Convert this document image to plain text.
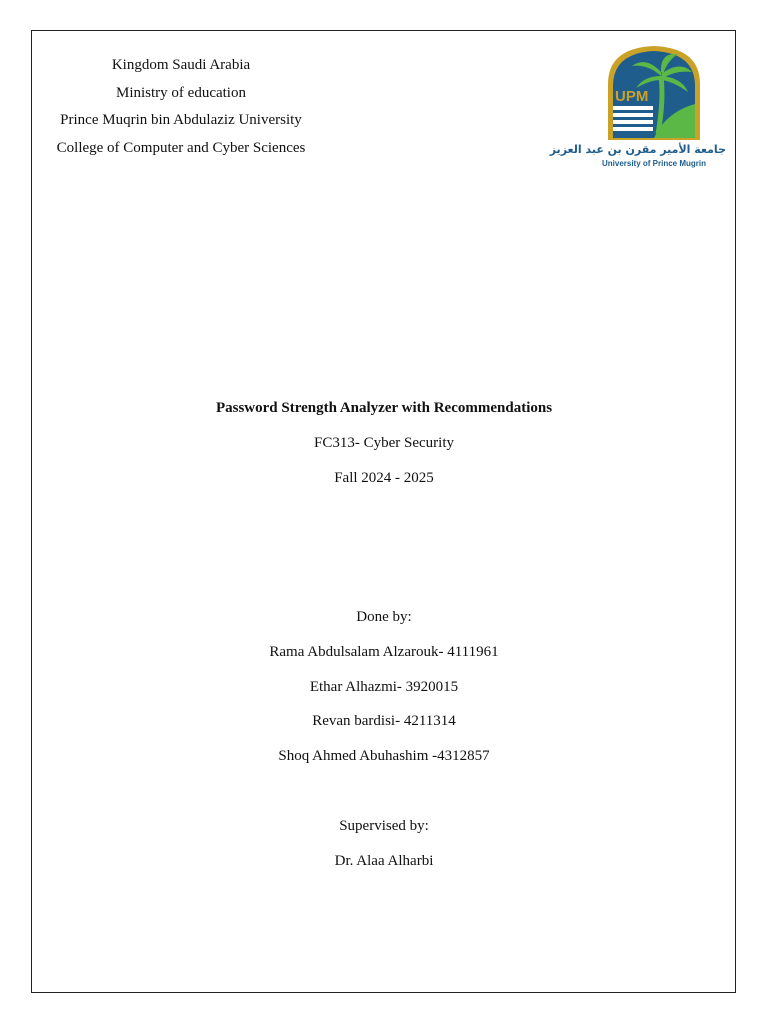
Kingdom Saudi Arabia
Ministry of education
Prince Muqrin bin Abdulaziz University
College of Computer and Cyber Sciences
UPM
جامعة الأمير مقرن بن عبد العزيز
University of Prince Mugrin
Password Strength Analyzer with Recommendations
FC313- Cyber Security
Fall 2024 - 2025
Done by:
Rama Abdulsalam Alzarouk- 4111961
Ethar Alhazmi- 3920015
Revan bardisi- 4211314
Shoq Ahmed Abuhashim -4312857
Supervised by:
Dr. Alaa Alharbi
